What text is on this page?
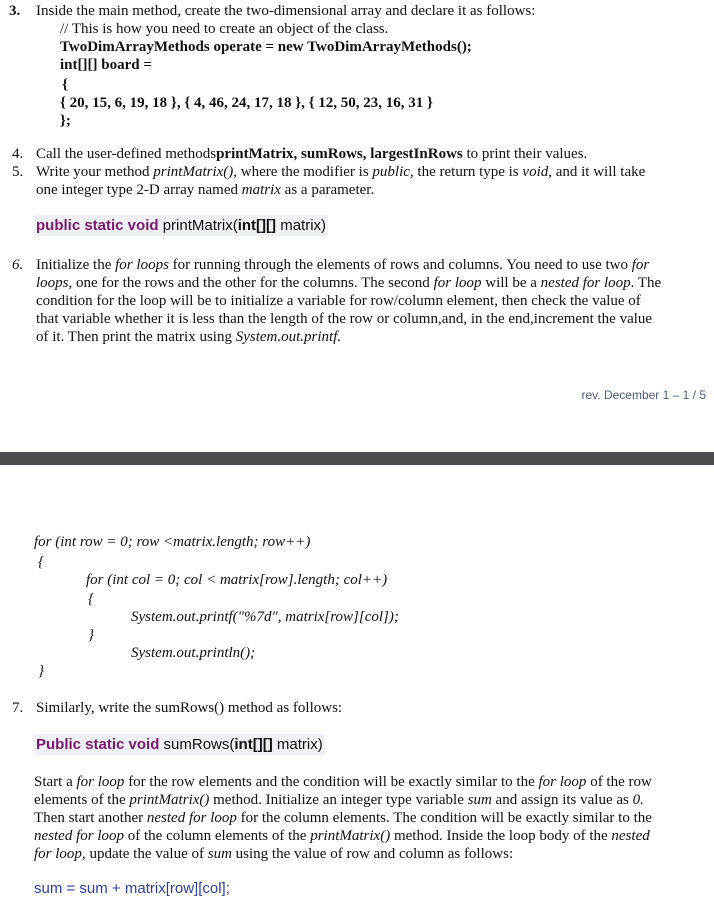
3. Inside the main method, create the two-dimensional array and declare it as follows:
// This is how you need to create an object of the class.
TwoDimArrayMethods operate = new TwoDimArrayMethods();
int[][] board =
{
{ 20, 15, 6, 19, 18 }, { 4, 46, 24, 17, 18 }, { 12, 50, 23, 16, 31 }
};
4. Call the user-defined methodsprintMatrix, sumRows, largestInRows to print their values.
5. Write your method printMatrix(), where the modifier is public, the return type is void, and it will take
one integer type 2-D array named matrix as a parameter.
public static void printMatrix(int[][] matrix)
6. Initialize the for loops for running through the elements of rows and columns. You need to use two for
loops, one for the rows and the other for the columns. The second for loop will be a nested for loop. The
condition for the loop will be to initialize a variable for row/column element, then check the value of
that variable whether it is less than the length of the row or column,and, in the end,increment the value
of it. Then print the matrix using System.out.printf.
rev. December 1 – 1 / 5
for (int row = 0; row <matrix.length; row++)
{
for (int col = 0; col < matrix[row].length; col++)
{
System.out.printf("%7d", matrix[row][col]);
}
System.out.println();
}
7. Similarly, write the sumRows() method as follows:
Public static void sumRows(int[][] matrix)
Start a for loop for the row elements and the condition will be exactly similar to the for loop of the row
elements of the printMatrix() method. Initialize an integer type variable sum and assign its value as 0.
Then start another nested for loop for the column elements. The condition will be exactly similar to the
nested for loop of the column elements of the printMatrix() method. Inside the loop body of the nested
for loop, update the value of sum using the value of row and column as follows:
sum = sum + matrix[row][col];
